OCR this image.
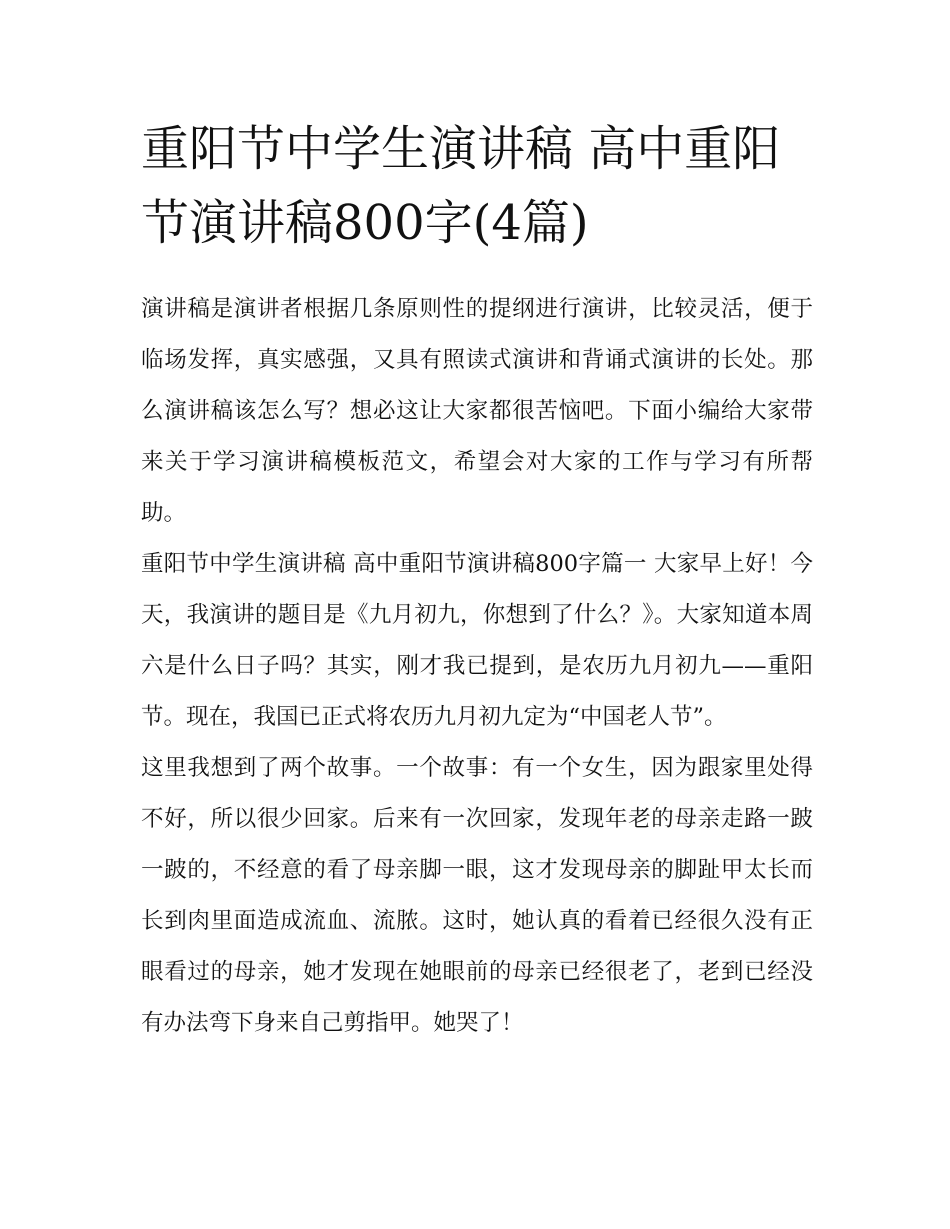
重阳节中学生演讲稿 高中重阳节演讲稿800字(4篇)

演讲稿是演讲者根据几条原则性的提纲进行演讲，比较灵活，便于临场发挥，真实感强，又具有照读式演讲和背诵式演讲的长处。那么演讲稿该怎么写？想必这让大家都很苦恼吧。下面小编给大家带来关于学习演讲稿模板范文，希望会对大家的工作与学习有所帮助。

重阳节中学生演讲稿 高中重阳节演讲稿800字篇一 大家早上好！今天，我演讲的题目是《九月初九，你想到了什么？》。大家知道本周六是什么日子吗？其实，刚才我已提到，是农历九月初九——重阳节。现在，我国已正式将农历九月初九定为“中国老人节”。

这里我想到了两个故事。一个故事：有一个女生，因为跟家里处得不好，所以很少回家。后来有一次回家，发现年老的母亲走路一跛一跛的，不经意的看了母亲脚一眼，这才发现母亲的脚趾甲太长而长到肉里面造成流血、流脓。这时，她认真的看着已经很久没有正眼看过的母亲，她才发现在她眼前的母亲已经很老了，老到已经没有办法弯下身来自己剪指甲。她哭了！
